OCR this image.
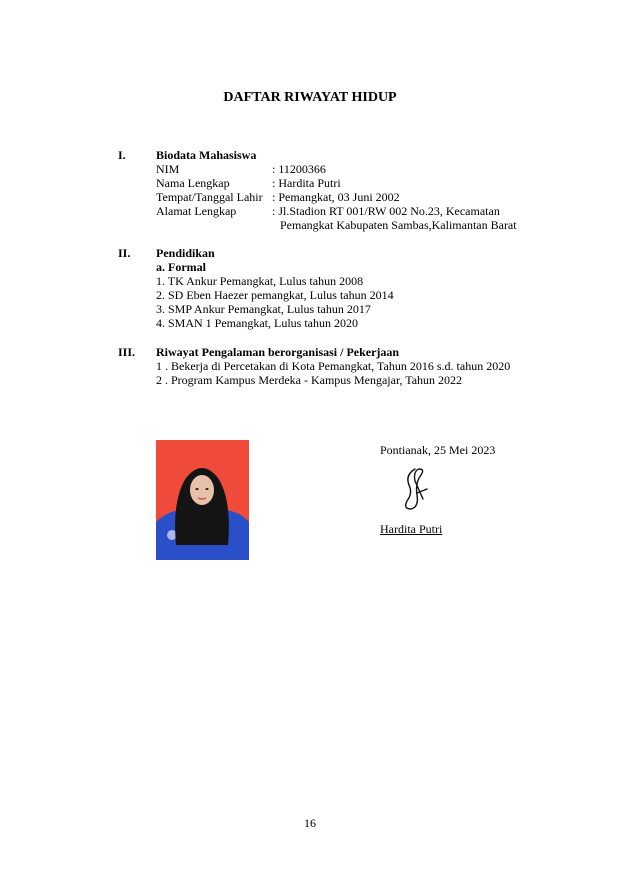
DAFTAR RIWAYAT HIDUP
I.	Biodata Mahasiswa
NIM	: 11200366
Nama Lengkap	: Hardita Putri
Tempat/Tanggal Lahir : Pemangkat, 03 Juni 2002
Alamat Lengkap	: Jl.Stadion RT 001/RW 002 No.23, Kecamatan
Pemangkat Kabupaten Sambas,Kalimantan Barat
II. Pendidikan
a. Formal
1. TK Ankur Pemangkat, Lulus tahun 2008
2. SD Eben Haezer pemangkat, Lulus tahun 2014
3. SMP Ankur Pemangkat, Lulus tahun 2017
4. SMAN 1 Pemangkat, Lulus tahun 2020
III. Riwayat Pengalaman berorganisasi / Pekerjaan
1 . Bekerja di Percetakan di Kota Pemangkat, Tahun 2016 s.d. tahun 2020
2 . Program Kampus Merdeka - Kampus Mengajar, Tahun 2022
Pontianak, 25 Mei 2023
Hardita Putri
16
